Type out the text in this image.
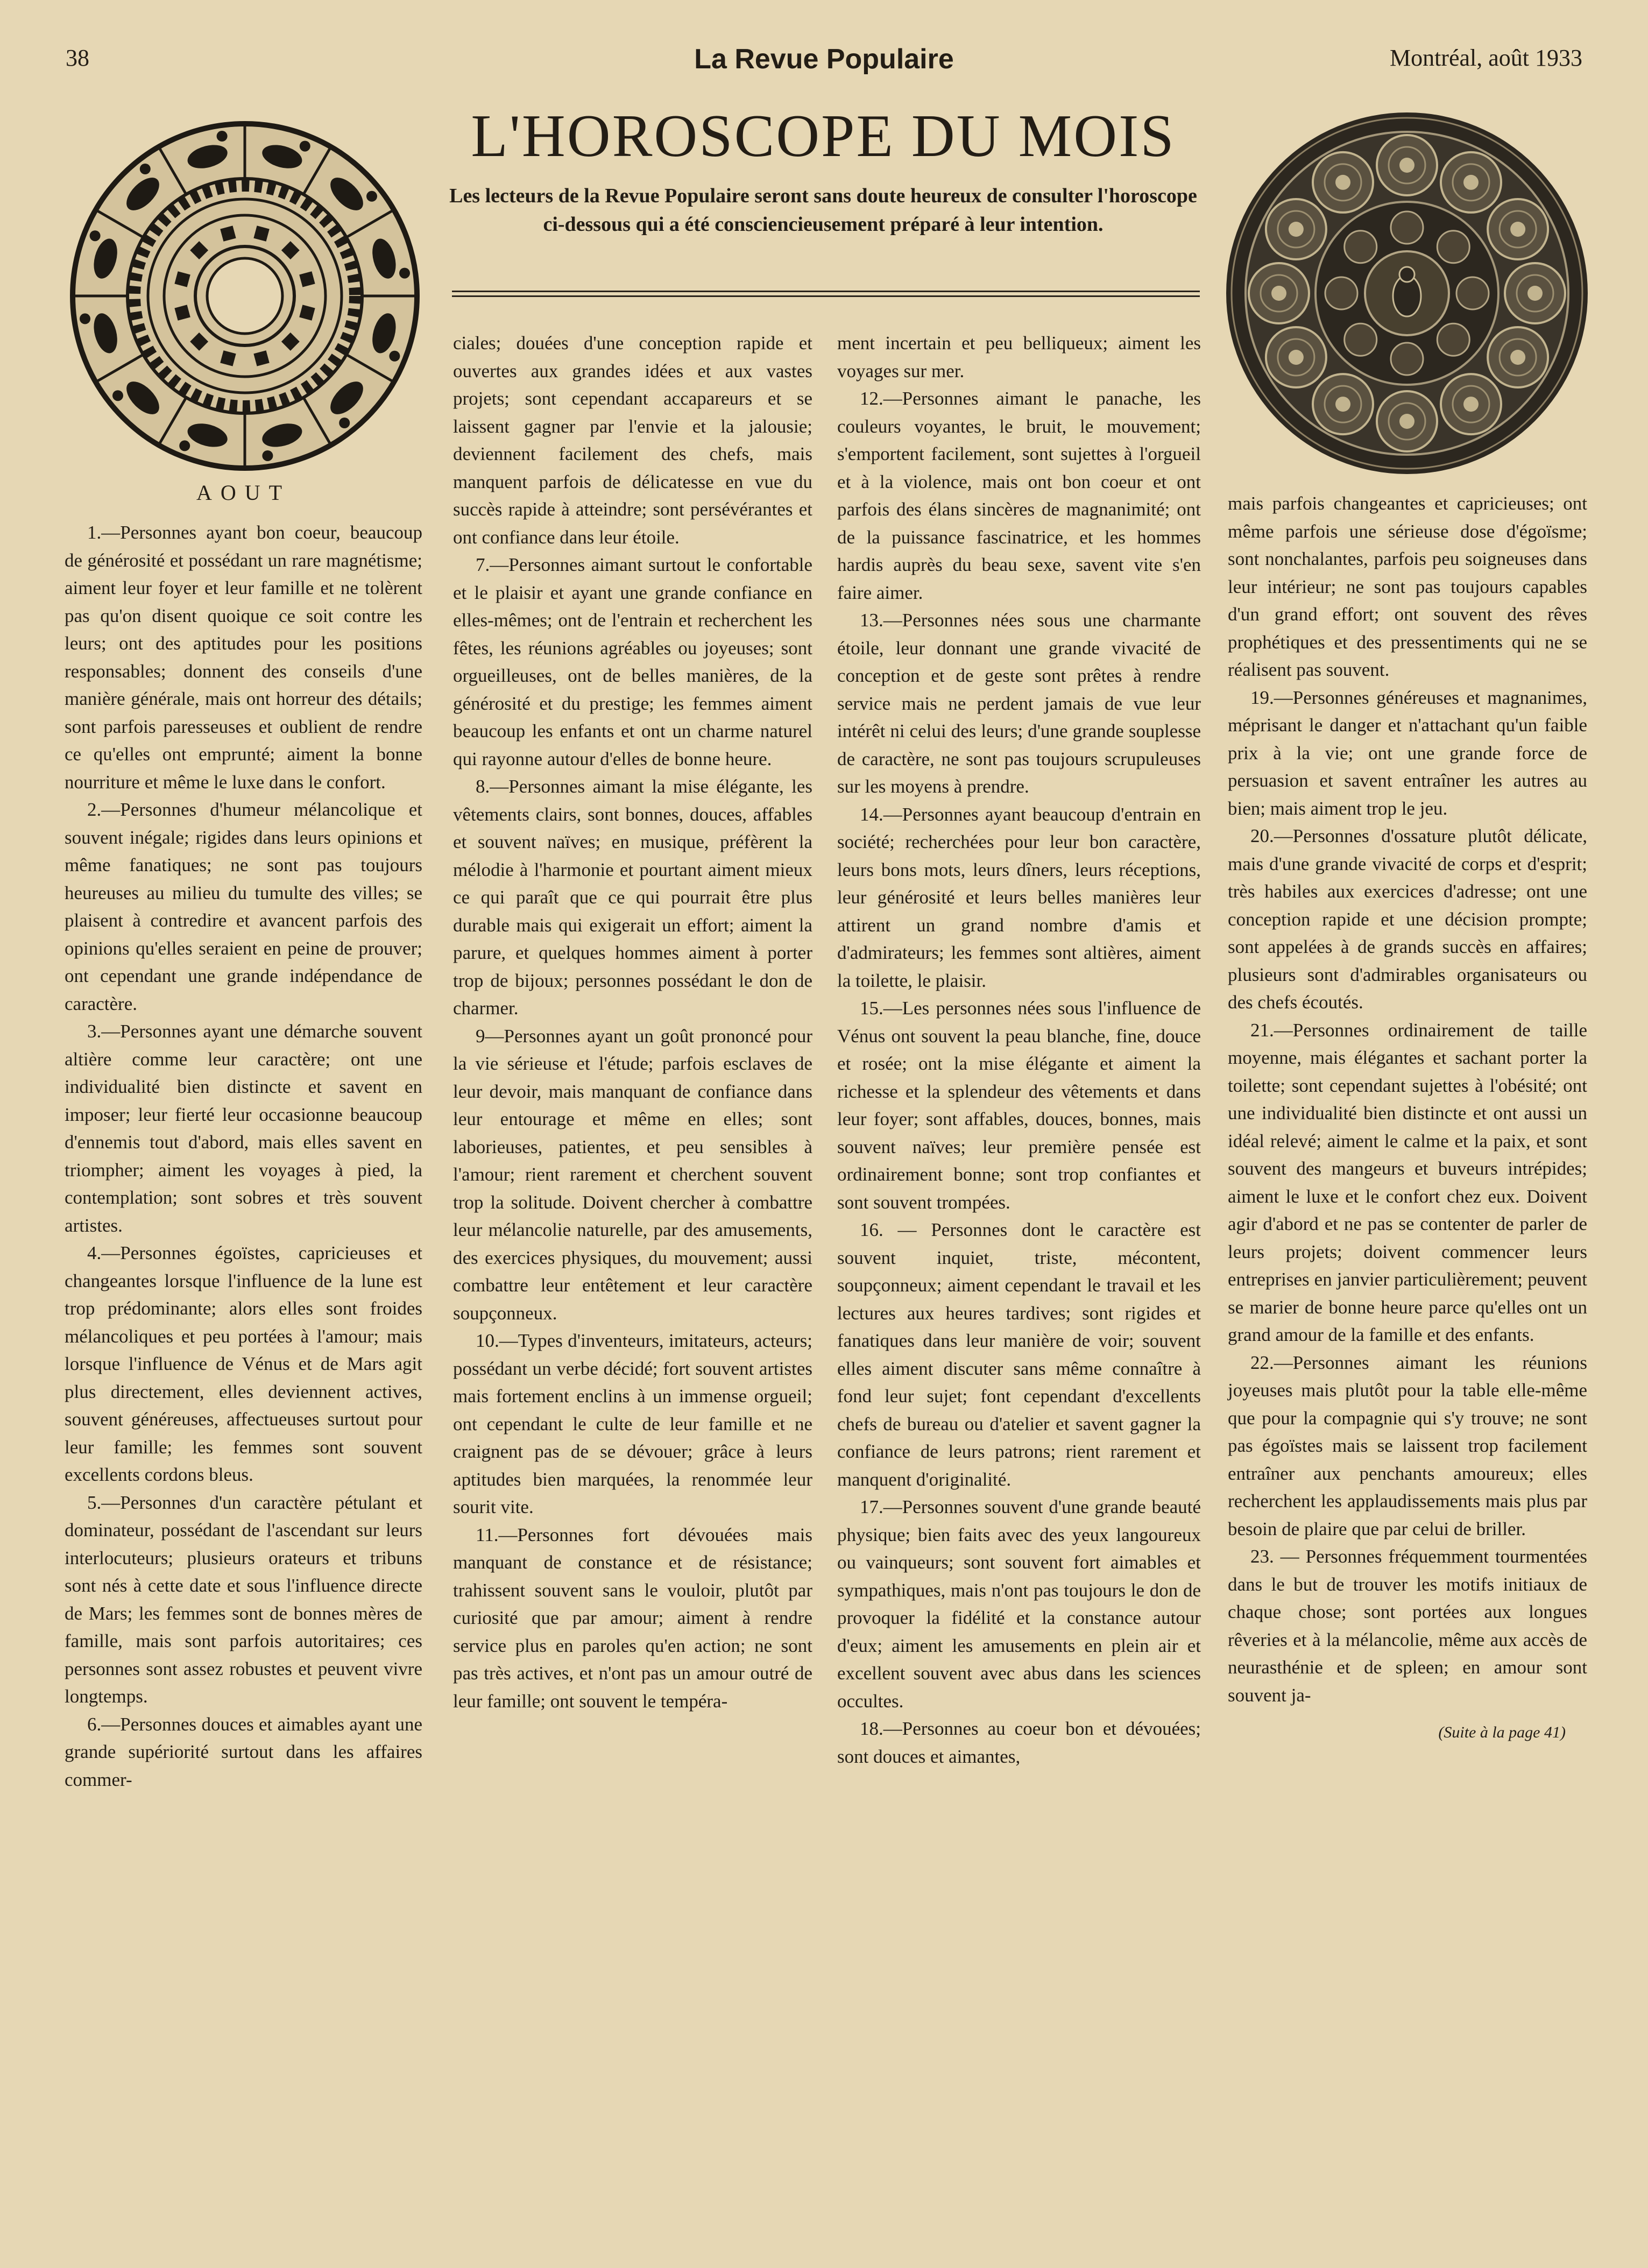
38	La Revue Populaire	Montréal, août 1933
L'HOROSCOPE DU MOIS

Les lecteurs de la Revue Populaire seront sans doute heureux de consulter l'horoscope ci-dessous qui a été consciencieusement préparé à leur intention.

AOUT

1.—Personnes ayant bon coeur, beaucoup de générosité et possédant un rare magnétisme; aiment leur foyer et leur famille et ne tolèrent pas qu'on disent quoique ce soit contre les leurs; ont des aptitudes pour les positions responsables; donnent des conseils d'une manière générale, mais ont horreur des détails; sont parfois paresseuses et oublient de rendre ce qu'elles ont emprunté; aiment la bonne nourriture et même le luxe dans le confort.

2.—Personnes d'humeur mélancolique et souvent inégale; rigides dans leurs opinions et même fanatiques; ne sont pas toujours heureuses au milieu du tumulte des villes; se plaisent à contredire et avancent parfois des opinions qu'elles seraient en peine de prouver; ont cependant une grande indépendance de caractère.

3.—Personnes ayant une démarche souvent altière comme leur caractère; ont une individualité bien distincte et savent en imposer; leur fierté leur occasionne beaucoup d'ennemis tout d'abord, mais elles savent en triompher; aiment les voyages à pied, la contemplation; sont sobres et très souvent artistes.

4.—Personnes égoïstes, capricieuses et changeantes lorsque l'influence de la lune est trop prédominante; alors elles sont froides mélancoliques et peu portées à l'amour; mais lorsque l'influence de Vénus et de Mars agit plus directement, elles deviennent actives, souvent généreuses, affectueuses surtout pour leur famille; les femmes sont souvent excellents cordons bleus.

5.—Personnes d'un caractère pétulant et dominateur, possédant de l'ascendant sur leurs interlocuteurs; plusieurs orateurs et tribuns sont nés à cette date et sous l'influence directe de Mars; les femmes sont de bonnes mères de famille, mais sont parfois autoritaires; ces personnes sont assez robustes et peuvent vivre longtemps.

6.—Personnes douces et aimables ayant une grande supériorité surtout dans les affaires commer-

ciales; douées d'une conception rapide et ouvertes aux grandes idées et aux vastes projets; sont cependant accapareurs et se laissent gagner par l'envie et la jalousie; deviennent facilement des chefs, mais manquent parfois de délicatesse en vue du succès rapide à atteindre; sont persévérantes et ont confiance dans leur étoile.

7.—Personnes aimant surtout le confortable et le plaisir et ayant une grande confiance en elles-mêmes; ont de l'entrain et recherchent les fêtes, les réunions agréables ou joyeuses; sont orgueilleuses, ont de belles manières, de la générosité et du prestige; les femmes aiment beaucoup les enfants et ont un charme naturel qui rayonne autour d'elles de bonne heure.

8.—Personnes aimant la mise élégante, les vêtements clairs, sont bonnes, douces, affables et souvent naïves; en musique, préfèrent la mélodie à l'harmonie et pourtant aiment mieux ce qui paraît que ce qui pourrait être plus durable mais qui exigerait un effort; aiment la parure, et quelques hommes aiment à porter trop de bijoux; personnes possédant le don de charmer.

9—Personnes ayant un goût prononcé pour la vie sérieuse et l'étude; parfois esclaves de leur devoir, mais manquant de confiance dans leur entourage et même en elles; sont laborieuses, patientes, et peu sensibles à l'amour; rient rarement et cherchent souvent trop la solitude. Doivent chercher à combattre leur mélancolie naturelle, par des amusements, des exercices physiques, du mouvement; aussi combattre leur entêtement et leur caractère soupçonneux.

10.—Types d'inventeurs, imitateurs, acteurs; possédant un verbe décidé; fort souvent artistes mais fortement enclins à un immense orgueil; ont cependant le culte de leur famille et ne craignent pas de se dévouer; grâce à leurs aptitudes bien marquées, la renommée leur sourit vite.

11.—Personnes fort dévouées mais manquant de constance et de résistance; trahissent souvent sans le vouloir, plutôt par curiosité que par amour; aiment à rendre service plus en paroles qu'en action; ne sont pas très actives, et n'ont pas un amour outré de leur famille; ont souvent le tempéra-

ment incertain et peu belliqueux; aiment les voyages sur mer.

12.—Personnes aimant le panache, les couleurs voyantes, le bruit, le mouvement; s'emportent facilement, sont sujettes à l'orgueil et à la violence, mais ont bon coeur et ont parfois des élans sincères de magnanimité; ont de la puissance fascinatrice, et les hommes hardis auprès du beau sexe, savent vite s'en faire aimer.

13.—Personnes nées sous une charmante étoile, leur donnant une grande vivacité de conception et de geste sont prêtes à rendre service mais ne perdent jamais de vue leur intérêt ni celui des leurs; d'une grande souplesse de caractère, ne sont pas toujours scrupuleuses sur les moyens à prendre.

14.—Personnes ayant beaucoup d'entrain en société; recherchées pour leur bon caractère, leurs bons mots, leurs dîners, leurs réceptions, leur générosité et leurs belles manières leur attirent un grand nombre d'amis et d'admirateurs; les femmes sont altières, aiment la toilette, le plaisir.

15.—Les personnes nées sous l'influence de Vénus ont souvent la peau blanche, fine, douce et rosée; ont la mise élégante et aiment la richesse et la splendeur des vêtements et dans leur foyer; sont affables, douces, bonnes, mais souvent naïves; leur première pensée est ordinairement bonne; sont trop confiantes et sont souvent trompées.

16. — Personnes dont le caractère est souvent inquiet, triste, mécontent, soupçonneux; aiment cependant le travail et les lectures aux heures tardives; sont rigides et fanatiques dans leur manière de voir; souvent elles aiment discuter sans même connaître à fond leur sujet; font cependant d'excellents chefs de bureau ou d'atelier et savent gagner la confiance de leurs patrons; rient rarement et manquent d'originalité.

17.—Personnes souvent d'une grande beauté physique; bien faits avec des yeux langoureux ou vainqueurs; sont souvent fort aimables et sympathiques, mais n'ont pas toujours le don de provoquer la fidélité et la constance autour d'eux; aiment les amusements en plein air et excellent souvent avec abus dans les sciences occultes.

18.—Personnes au coeur bon et dévouées; sont douces et aimantes,

mais parfois changeantes et capricieuses; ont même parfois une sérieuse dose d'égoïsme; sont nonchalantes, parfois peu soigneuses dans leur intérieur; ne sont pas toujours capables d'un grand effort; ont souvent des rêves prophétiques et des pressentiments qui ne se réalisent pas souvent.

19.—Personnes généreuses et magnanimes, méprisant le danger et n'attachant qu'un faible prix à la vie; ont une grande force de persuasion et savent entraîner les autres au bien; mais aiment trop le jeu.

20.—Personnes d'ossature plutôt délicate, mais d'une grande vivacité de corps et d'esprit; très habiles aux exercices d'adresse; ont une conception rapide et une décision prompte; sont appelées à de grands succès en affaires; plusieurs sont d'admirables organisateurs ou des chefs écoutés.

21.—Personnes ordinairement de taille moyenne, mais élégantes et sachant porter la toilette; sont cependant sujettes à l'obésité; ont une individualité bien distincte et ont aussi un idéal relevé; aiment le calme et la paix, et sont souvent des mangeurs et buveurs intrépides; aiment le luxe et le confort chez eux. Doivent agir d'abord et ne pas se contenter de parler de leurs projets; doivent commencer leurs entreprises en janvier particulièrement; peuvent se marier de bonne heure parce qu'elles ont un grand amour de la famille et des enfants.

22.—Personnes aimant les réunions joyeuses mais plutôt pour la table elle-même que pour la compagnie qui s'y trouve; ne sont pas égoïstes mais se laissent trop facilement entraîner aux penchants amoureux; elles recherchent les applaudissements mais plus par besoin de plaire que par celui de briller.

23. — Personnes fréquemment tourmentées dans le but de trouver les motifs initiaux de chaque chose; sont portées aux longues rêveries et à la mélancolie, même aux accès de neurasthénie et de spleen; en amour sont souvent ja-

(Suite à la page 41)
